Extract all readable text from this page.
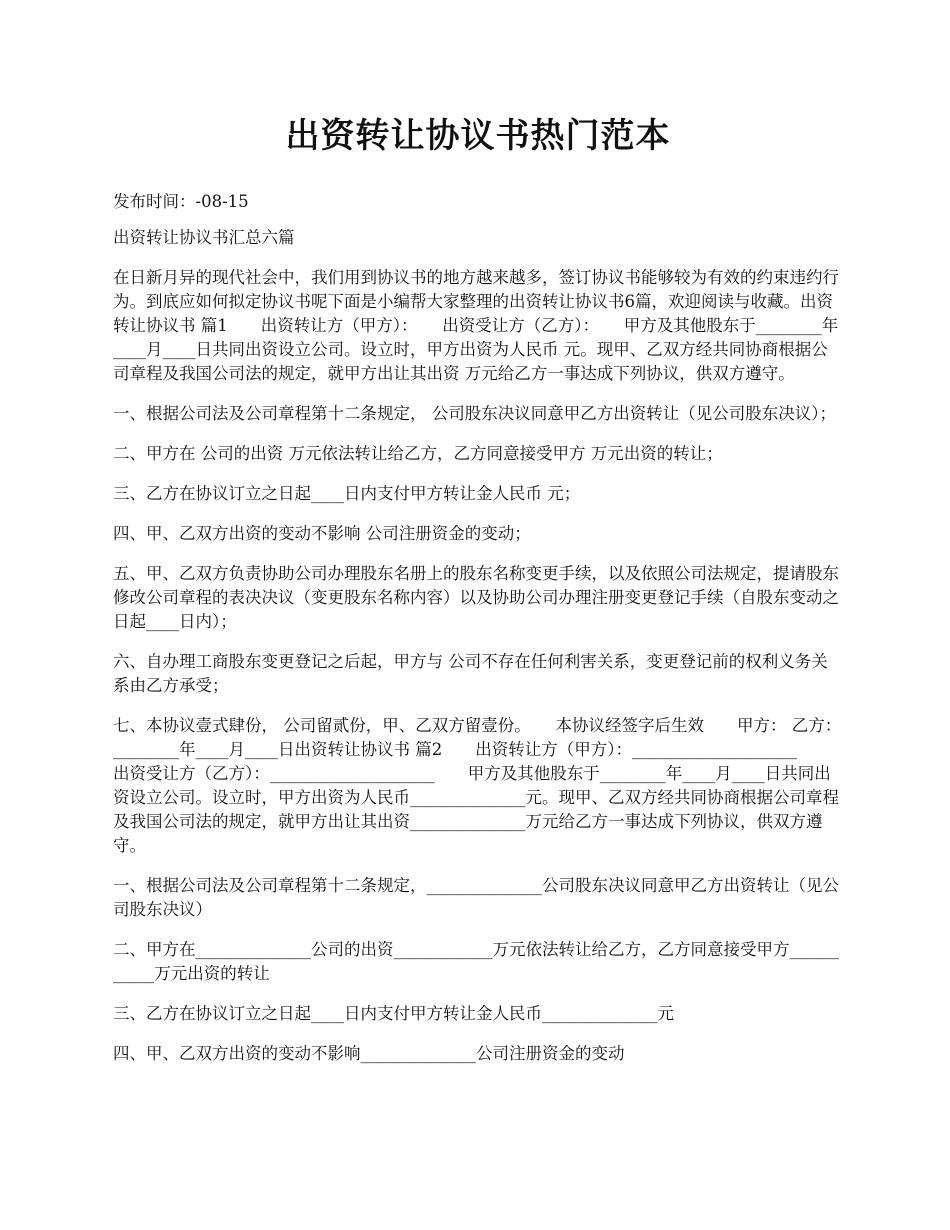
出资转让协议书热门范本

发布时间：-08-15

出资转让协议书汇总六篇

在日新月异的现代社会中，我们用到协议书的地方越来越多，签订协议书能够较为有效的约束违约行为。到底应如何拟定协议书呢下面是小编帮大家整理的出资转让协议书6篇，欢迎阅读与收藏。出资转让协议书 篇1　　出资转让方（甲方）：　　出资受让方（乙方）：　　甲方及其他股东于________年____月____日共同出资设立公司。设立时，甲方出资为人民币 元。现甲、乙双方经共同协商根据公司章程及我国公司法的规定，就甲方出让其出资 万元给乙方一事达成下列协议，供双方遵守。

一、根据公司法及公司章程第十二条规定， 公司股东决议同意甲乙方出资转让（见公司股东决议）；

二、甲方在 公司的出资 万元依法转让给乙方，乙方同意接受甲方 万元出资的转让；

三、乙方在协议订立之日起____日内支付甲方转让金人民币 元；

四、甲、乙双方出资的变动不影响 公司注册资金的变动；

五、甲、乙双方负责协助公司办理股东名册上的股东名称变更手续，以及依照公司法规定，提请股东修改公司章程的表决决议（变更股东名称内容）以及协助公司办理注册变更登记手续（自股东变动之日起____日内）；

六、自办理工商股东变更登记之后起，甲方与 公司不存在任何利害关系，变更登记前的权利义务关系由乙方承受；

七、本协议壹式肆份， 公司留贰份，甲、乙双方留壹份。　　本协议经签字后生效　　甲方： 乙方：________年____月____日出资转让协议书 篇2　　出资转让方（甲方）：____________________　　出资受让方（乙方）：____________________　　甲方及其他股东于________年____月____日共同出资设立公司。设立时，甲方出资为人民币______________元。现甲、乙双方经共同协商根据公司章程及我国公司法的规定，就甲方出让其出资______________万元给乙方一事达成下列协议，供双方遵守。

一、根据公司法及公司章程第十二条规定，______________公司股东决议同意甲乙方出资转让（见公司股东决议）

二、甲方在______________公司的出资____________万元依法转让给乙方，乙方同意接受甲方___________万元出资的转让

三、乙方在协议订立之日起____日内支付甲方转让金人民币______________元

四、甲、乙双方出资的变动不影响______________公司注册资金的变动
